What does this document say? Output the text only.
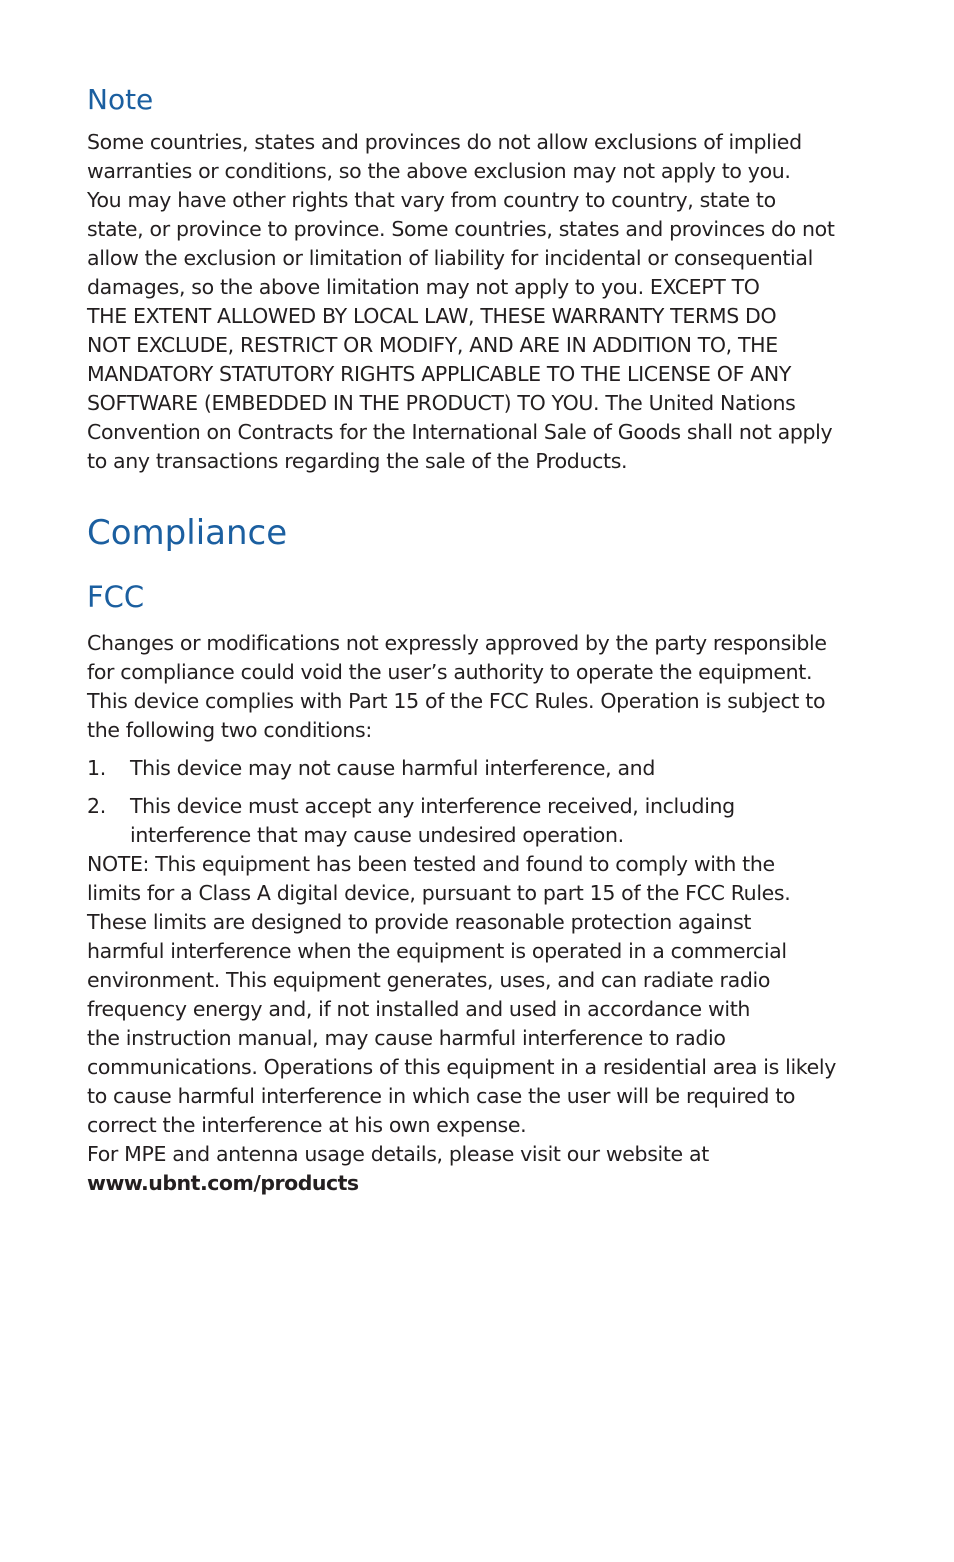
Note

Some countries, states and provinces do not allow exclusions of implied
warranties or conditions, so the above exclusion may not apply to you.
You may have other rights that vary from country to country, state to
state, or province to province. Some countries, states and provinces do not
allow the exclusion or limitation of liability for incidental or consequential
damages, so the above limitation may not apply to you. EXCEPT TO
THE EXTENT ALLOWED BY LOCAL LAW, THESE WARRANTY TERMS DO
NOT EXCLUDE, RESTRICT OR MODIFY, AND ARE IN ADDITION TO, THE
MANDATORY STATUTORY RIGHTS APPLICABLE TO THE LICENSE OF ANY
SOFTWARE (EMBEDDED IN THE PRODUCT) TO YOU. The United Nations
Convention on Contracts for the International Sale of Goods shall not apply
to any transactions regarding the sale of the Products.

Compliance
FCC

Changes or modifications not expressly approved by the party responsible
for compliance could void the user’s authority to operate the equipment.

This device complies with Part 15 of the FCC Rules. Operation is subject to
the following two conditions:

1. This device may not cause harmful interference, and
2. This device must accept any interference received, including
interference that may cause undesired operation.

NOTE: This equipment has been tested and found to comply with the
limits for a Class A digital device, pursuant to part 15 of the FCC Rules.
These limits are designed to provide reasonable protection against
harmful interference when the equipment is operated in a commercial
environment. This equipment generates, uses, and can radiate radio
frequency energy and, if not installed and used in accordance with
the instruction manual, may cause harmful interference to radio
communications. Operations of this equipment in a residential area is likely
to cause harmful interference in which case the user will be required to
correct the interference at his own expense.

For MPE and antenna usage details, please visit our website at
www.ubnt.com/products
